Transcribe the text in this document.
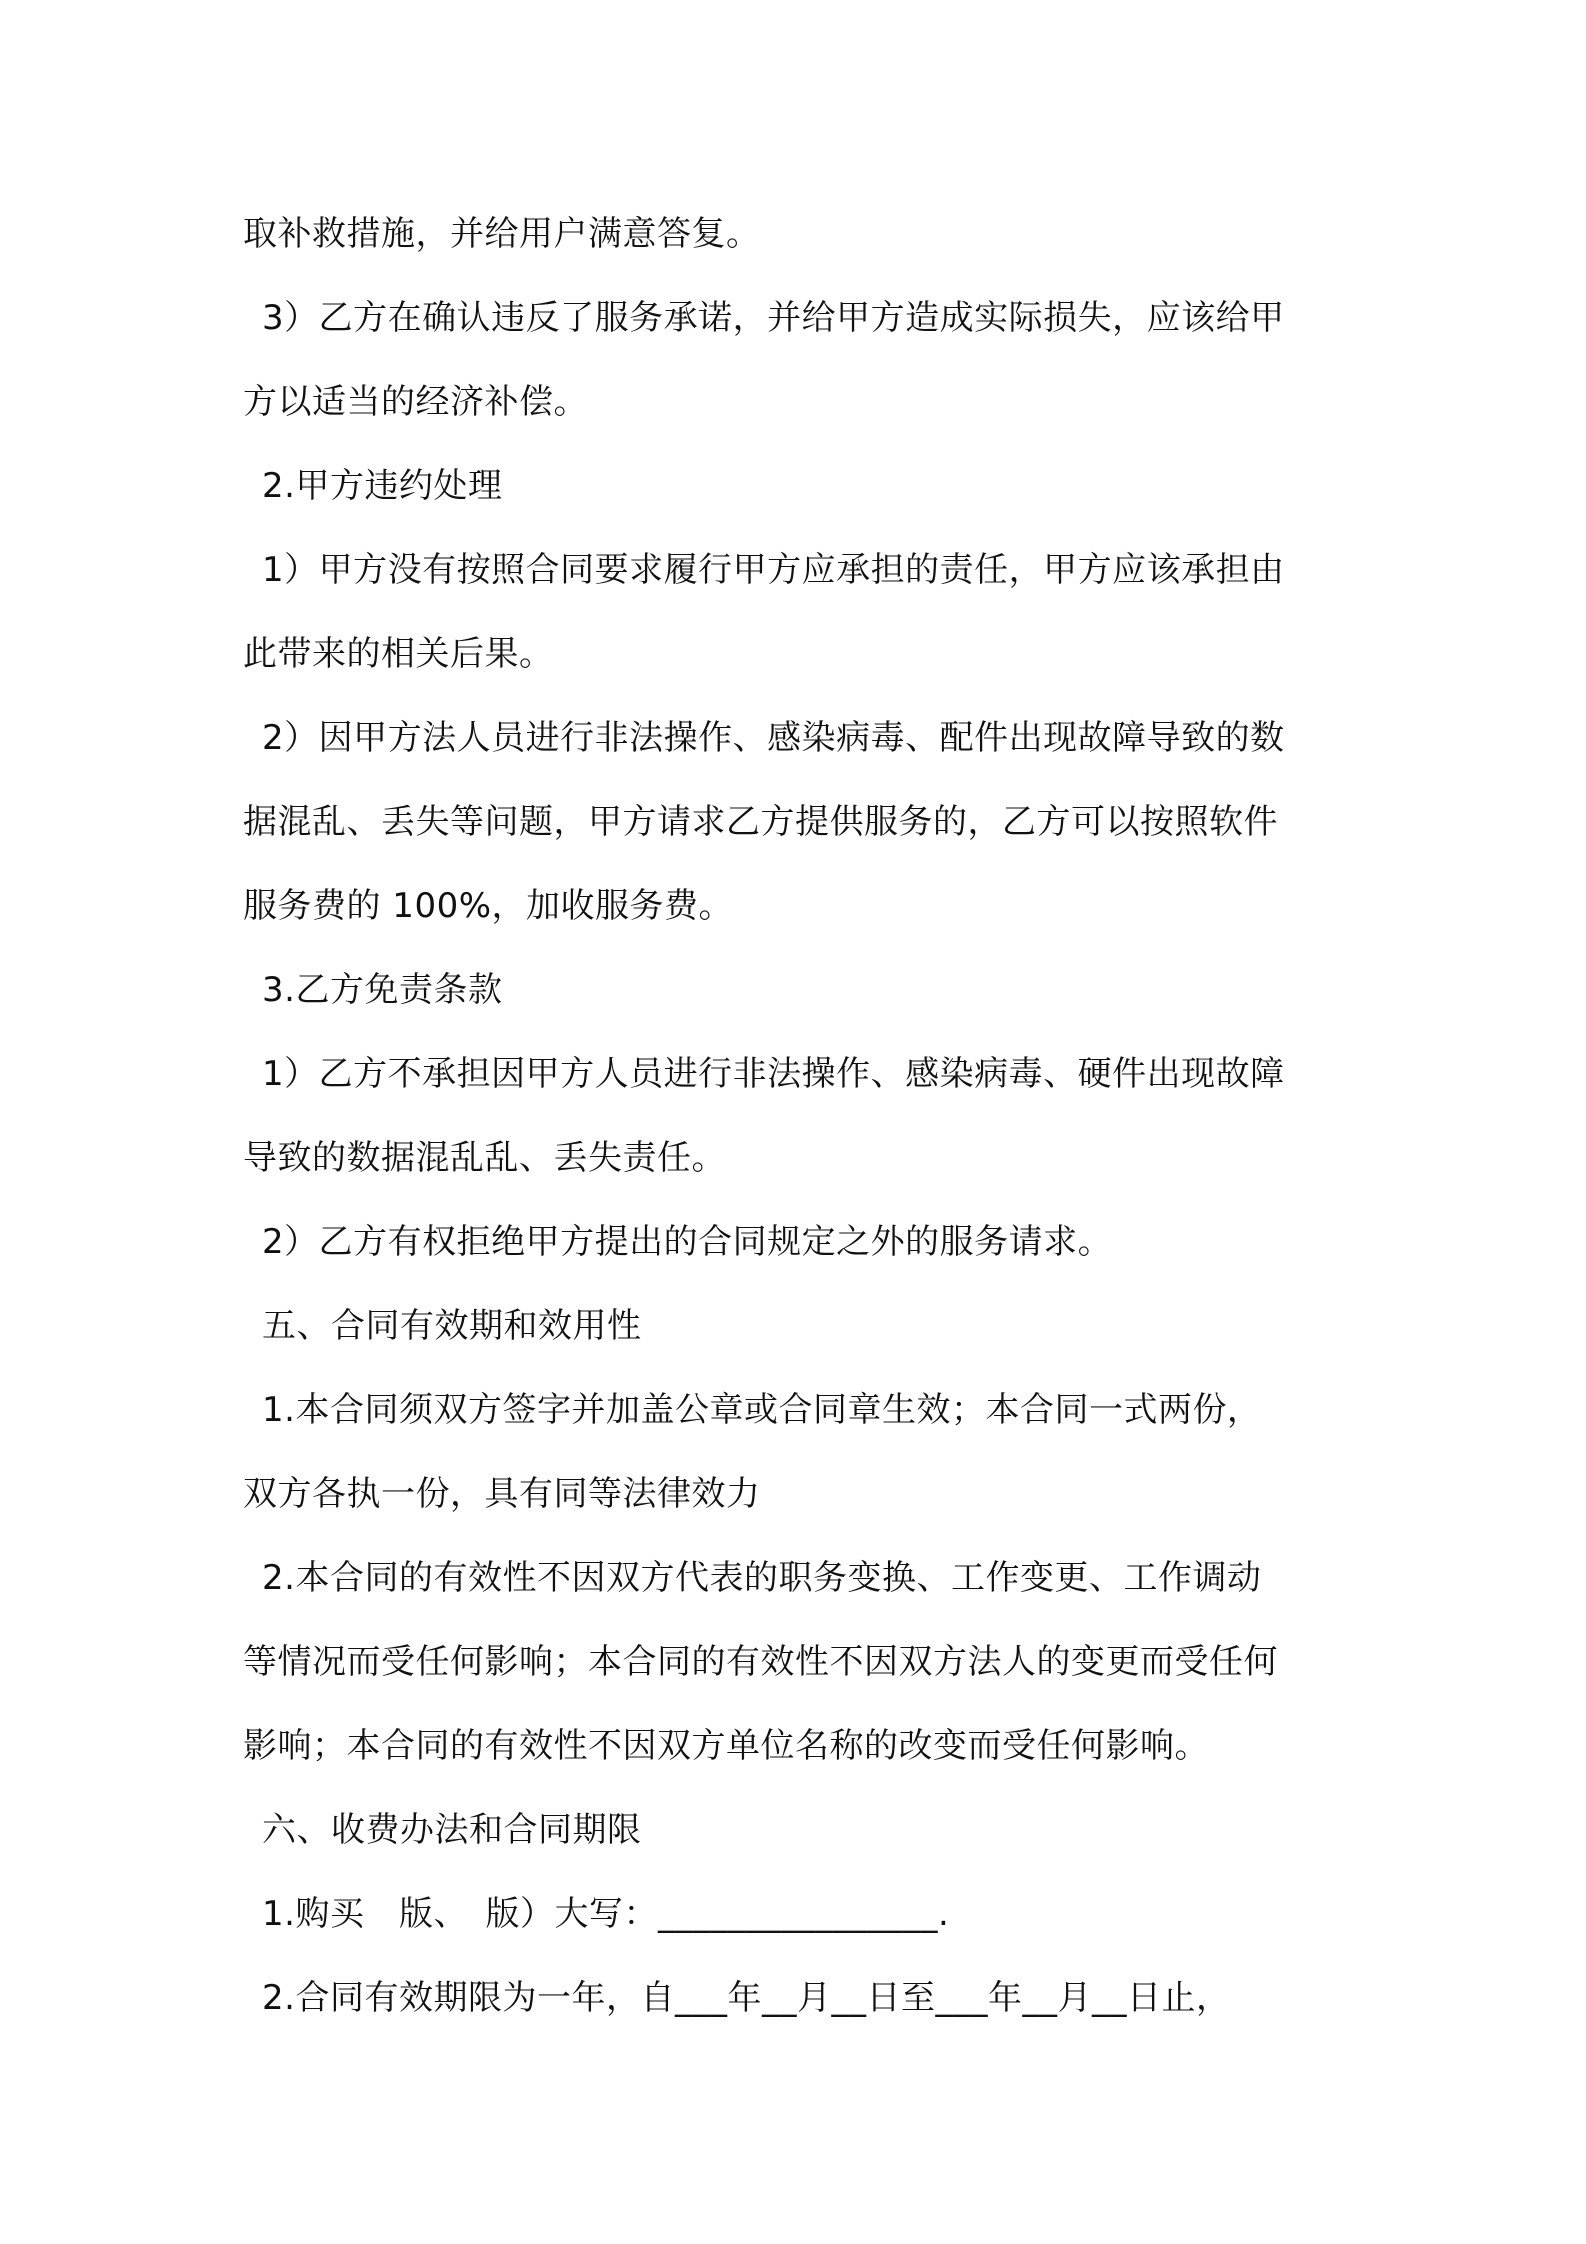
取补救措施，并给用户满意答复。
3）乙方在确认违反了服务承诺，并给甲方造成实际损失，应该给甲
方以适当的经济补偿。
2.甲方违约处理
1）甲方没有按照合同要求履行甲方应承担的责任，甲方应该承担由
此带来的相关后果。
2）因甲方法人员进行非法操作、感染病毒、配件出现故障导致的数
据混乱、丢失等问题，甲方请求乙方提供服务的，乙方可以按照软件
服务费的 100%，加收服务费。
3.乙方免责条款
1）乙方不承担因甲方人员进行非法操作、感染病毒、硬件出现故障
导致的数据混乱乱、丢失责任。
2）乙方有权拒绝甲方提出的合同规定之外的服务请求。
五、合同有效期和效用性
1.本合同须双方签字并加盖公章或合同章生效；本合同一式两份，
双方各执一份，具有同等法律效力
2.本合同的有效性不因双方代表的职务变换、工作变更、工作调动
等情况而受任何影响；本合同的有效性不因双方法人的变更而受任何
影响；本合同的有效性不因双方单位名称的改变而受任何影响。
六、收费办法和合同期限
1.购买　版、　版）大写：________________.
2.合同有效期限为一年，自___年__月__日至___年__月__日止，
